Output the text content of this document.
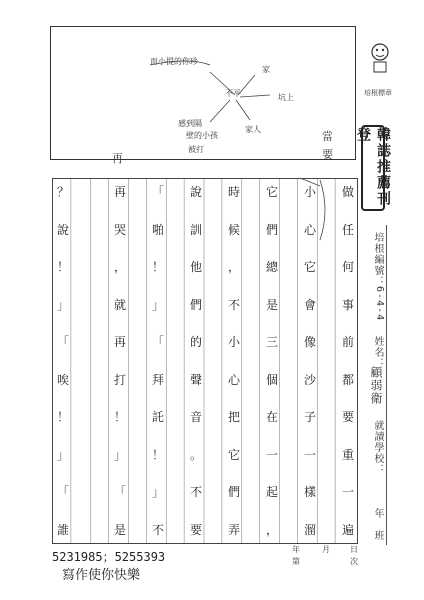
而小提的你珍
家
不平	坑上
家人
感到隔
壁的小孩
被打
當
要
再
培根標章
韓誌推薦刊登
培根編號：
6-4-4
姓名：
顧弱衛
就讀學校：
年　班
做
任
何
事
前
都
要
重
一
遍
小
心
它
會
像
沙
子
一
樣
溜
它
們
總
是
三
個
在
一
起
，
時
候
，
不
小
心
把
它
們
弄
說
訓
他
們
的
聲
音
。
不
要
「
啪
！
」
「
拜
託
！
」
不
再
哭
，
就
再
打
！
」
「
是
？
說
！
」
「
唉
！
」
「
誰
年	月	日
第	次
5231985；5255393
寫作使你快樂
